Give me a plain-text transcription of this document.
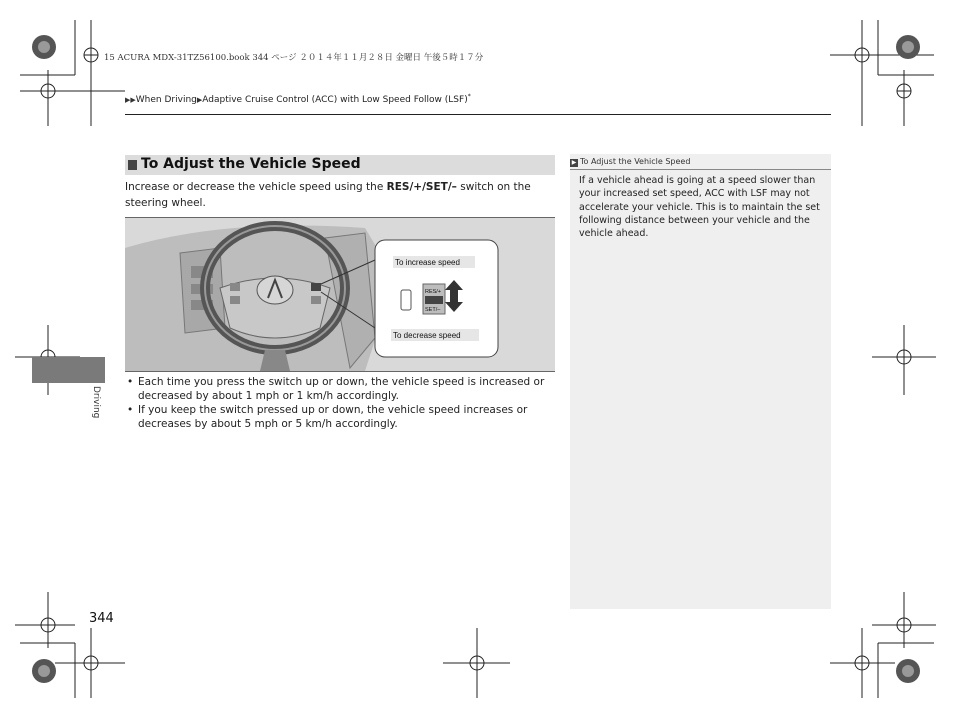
15 ACURA MDX-31TZ56100.book 344 ページ ２０１４年１１月２８日 金曜日 午後５時１７分
▶▶When Driving▶Adaptive Cruise Control (ACC) with Low Speed Follow (LSF)*
To Adjust the Vehicle Speed
Increase or decrease the vehicle speed using the RES/+/SET/– switch on the steering wheel.
To increase speed
To decrease speed
RES/+
SET/–
• Each time you press the switch up or down, the vehicle speed is increased or decreased by about 1 mph or 1 km/h accordingly.
• If you keep the switch pressed up or down, the vehicle speed increases or decreases by about 5 mph or 5 km/h accordingly.
▶ To Adjust the Vehicle Speed
If a vehicle ahead is going at a speed slower than your increased set speed, ACC with LSF may not accelerate your vehicle. This is to maintain the set following distance between your vehicle and the vehicle ahead.
Driving
344
